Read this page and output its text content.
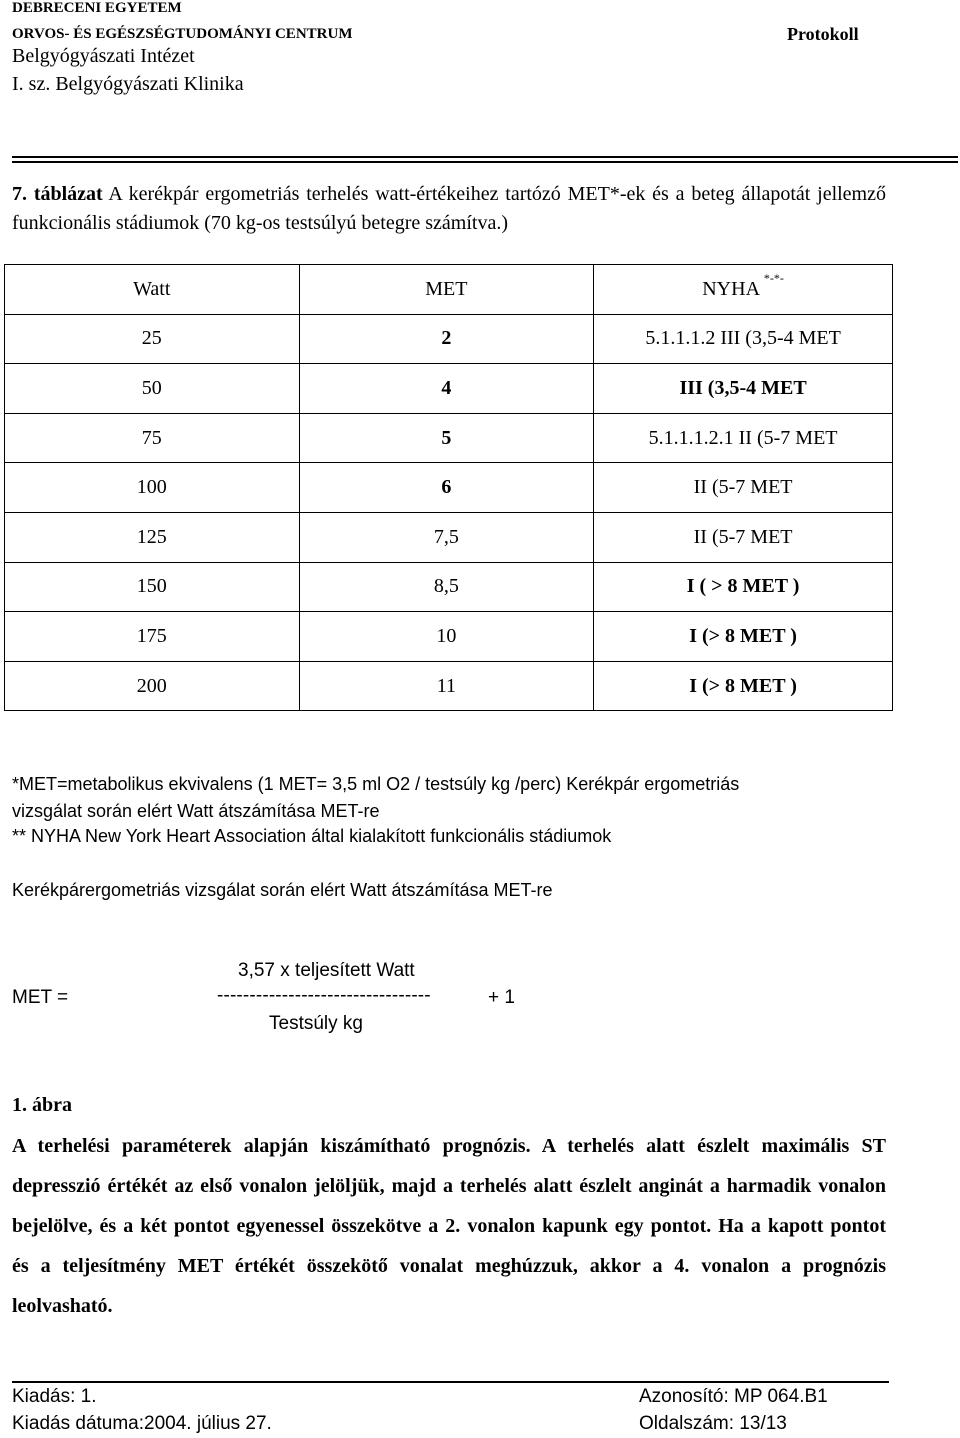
DEBRECENI EGYETEM
ORVOS- ÉS EGÉSZSÉGTUDOMÁNYI CENTRUM
Belgyógyászati Intézet
I. sz. Belgyógyászati Klinika
Protokoll
7. táblázat A kerékpár ergometriás terhelés watt-értékeihez tartózó MET*-ek és a beteg állapotát jellemző funkcionális stádiumok (70 kg-os testsúlyú betegre számítva.)
Watt	MET	NYHA *-*-
25	2	5.1.1.1.2 III (3,5-4 MET
50	4	III (3,5-4 MET
75	5	5.1.1.1.2.1 II (5-7 MET
100	6	II (5-7 MET
125	7,5	II (5-7 MET
150	8,5	I ( > 8 MET )
175	10	I (> 8 MET )
200	11	I (> 8 MET )
*MET=metabolikus ekvivalens (1 MET= 3,5 ml O2 / testsúly kg /perc) Kerékpár ergometriás
vizsgálat során elért Watt átszámítása MET-re
** NYHA New York Heart Association által kialakított funkcionális stádiumok
Kerékpárergometriás vizsgálat során elért Watt átszámítása MET-re
3,57 x teljesített Watt
MET =	---------------------------------	+ 1
Testsúly kg
1. ábra
A terhelési paraméterek alapján kiszámítható prognózis. A terhelés alatt észlelt maximális ST depresszió értékét az első vonalon jelöljük, majd a terhelés alatt észlelt anginát a harmadik vonalon bejelölve, és a két pontot egyenessel összekötve a 2. vonalon kapunk egy pontot. Ha a kapott pontot és a teljesítmény MET értékét összekötő vonalat meghúzzuk, akkor a 4. vonalon a prognózis leolvasható.
Kiadás: 1.
Kiadás dátuma:2004. július 27.
Azonosító: MP 064.B1
Oldalszám: 13/13
